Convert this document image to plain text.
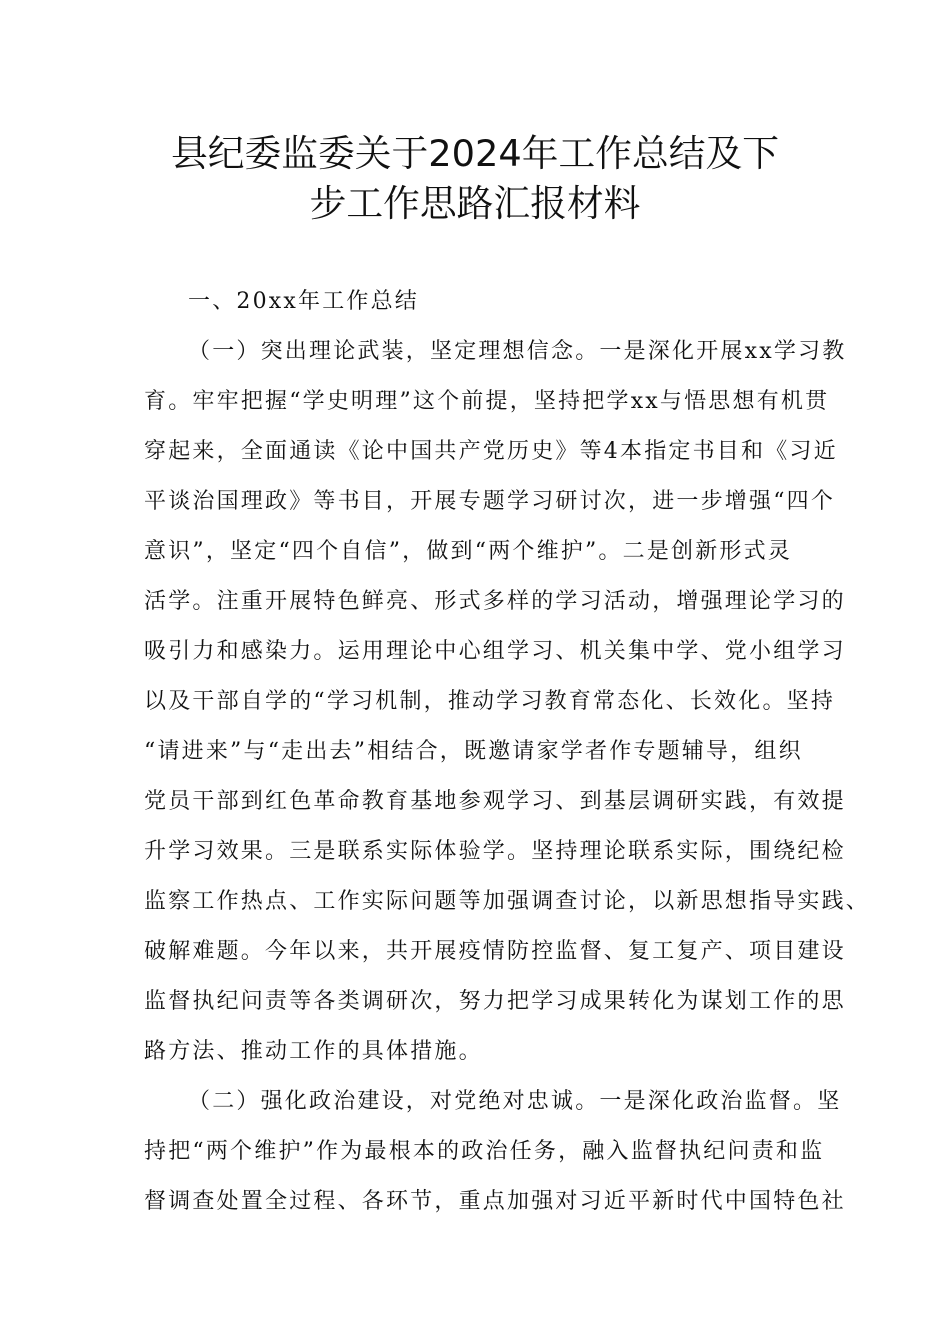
县纪委监委关于2024年工作总结及下
步工作思路汇报材料
一、20xx年工作总结
（一）突出理论武装，坚定理想信念。一是深化开展xx学习教
育。牢牢把握“学史明理”这个前提，坚持把学xx与悟思想有机贯
穿起来，全面通读《论中国共产党历史》等4本指定书目和《习近
平谈治国理政》等书目，开展专题学习研讨次，进一步增强“四个
意识”，坚定“四个自信”，做到“两个维护”。二是创新形式灵
活学。注重开展特色鲜亮、形式多样的学习活动，增强理论学习的
吸引力和感染力。运用理论中心组学习、机关集中学、党小组学习
以及干部自学的“学习机制，推动学习教育常态化、长效化。坚持
“请进来”与“走出去”相结合，既邀请家学者作专题辅导，组织
党员干部到红色革命教育基地参观学习、到基层调研实践，有效提
升学习效果。三是联系实际体验学。坚持理论联系实际，围绕纪检
监察工作热点、工作实际问题等加强调查讨论，以新思想指导实践、
破解难题。今年以来，共开展疫情防控监督、复工复产、项目建设
监督执纪问责等各类调研次，努力把学习成果转化为谋划工作的思
路方法、推动工作的具体措施。
（二）强化政治建设，对党绝对忠诚。一是深化政治监督。坚
持把“两个维护”作为最根本的政治任务，融入监督执纪问责和监
督调查处置全过程、各环节，重点加强对习近平新时代中国特色社
